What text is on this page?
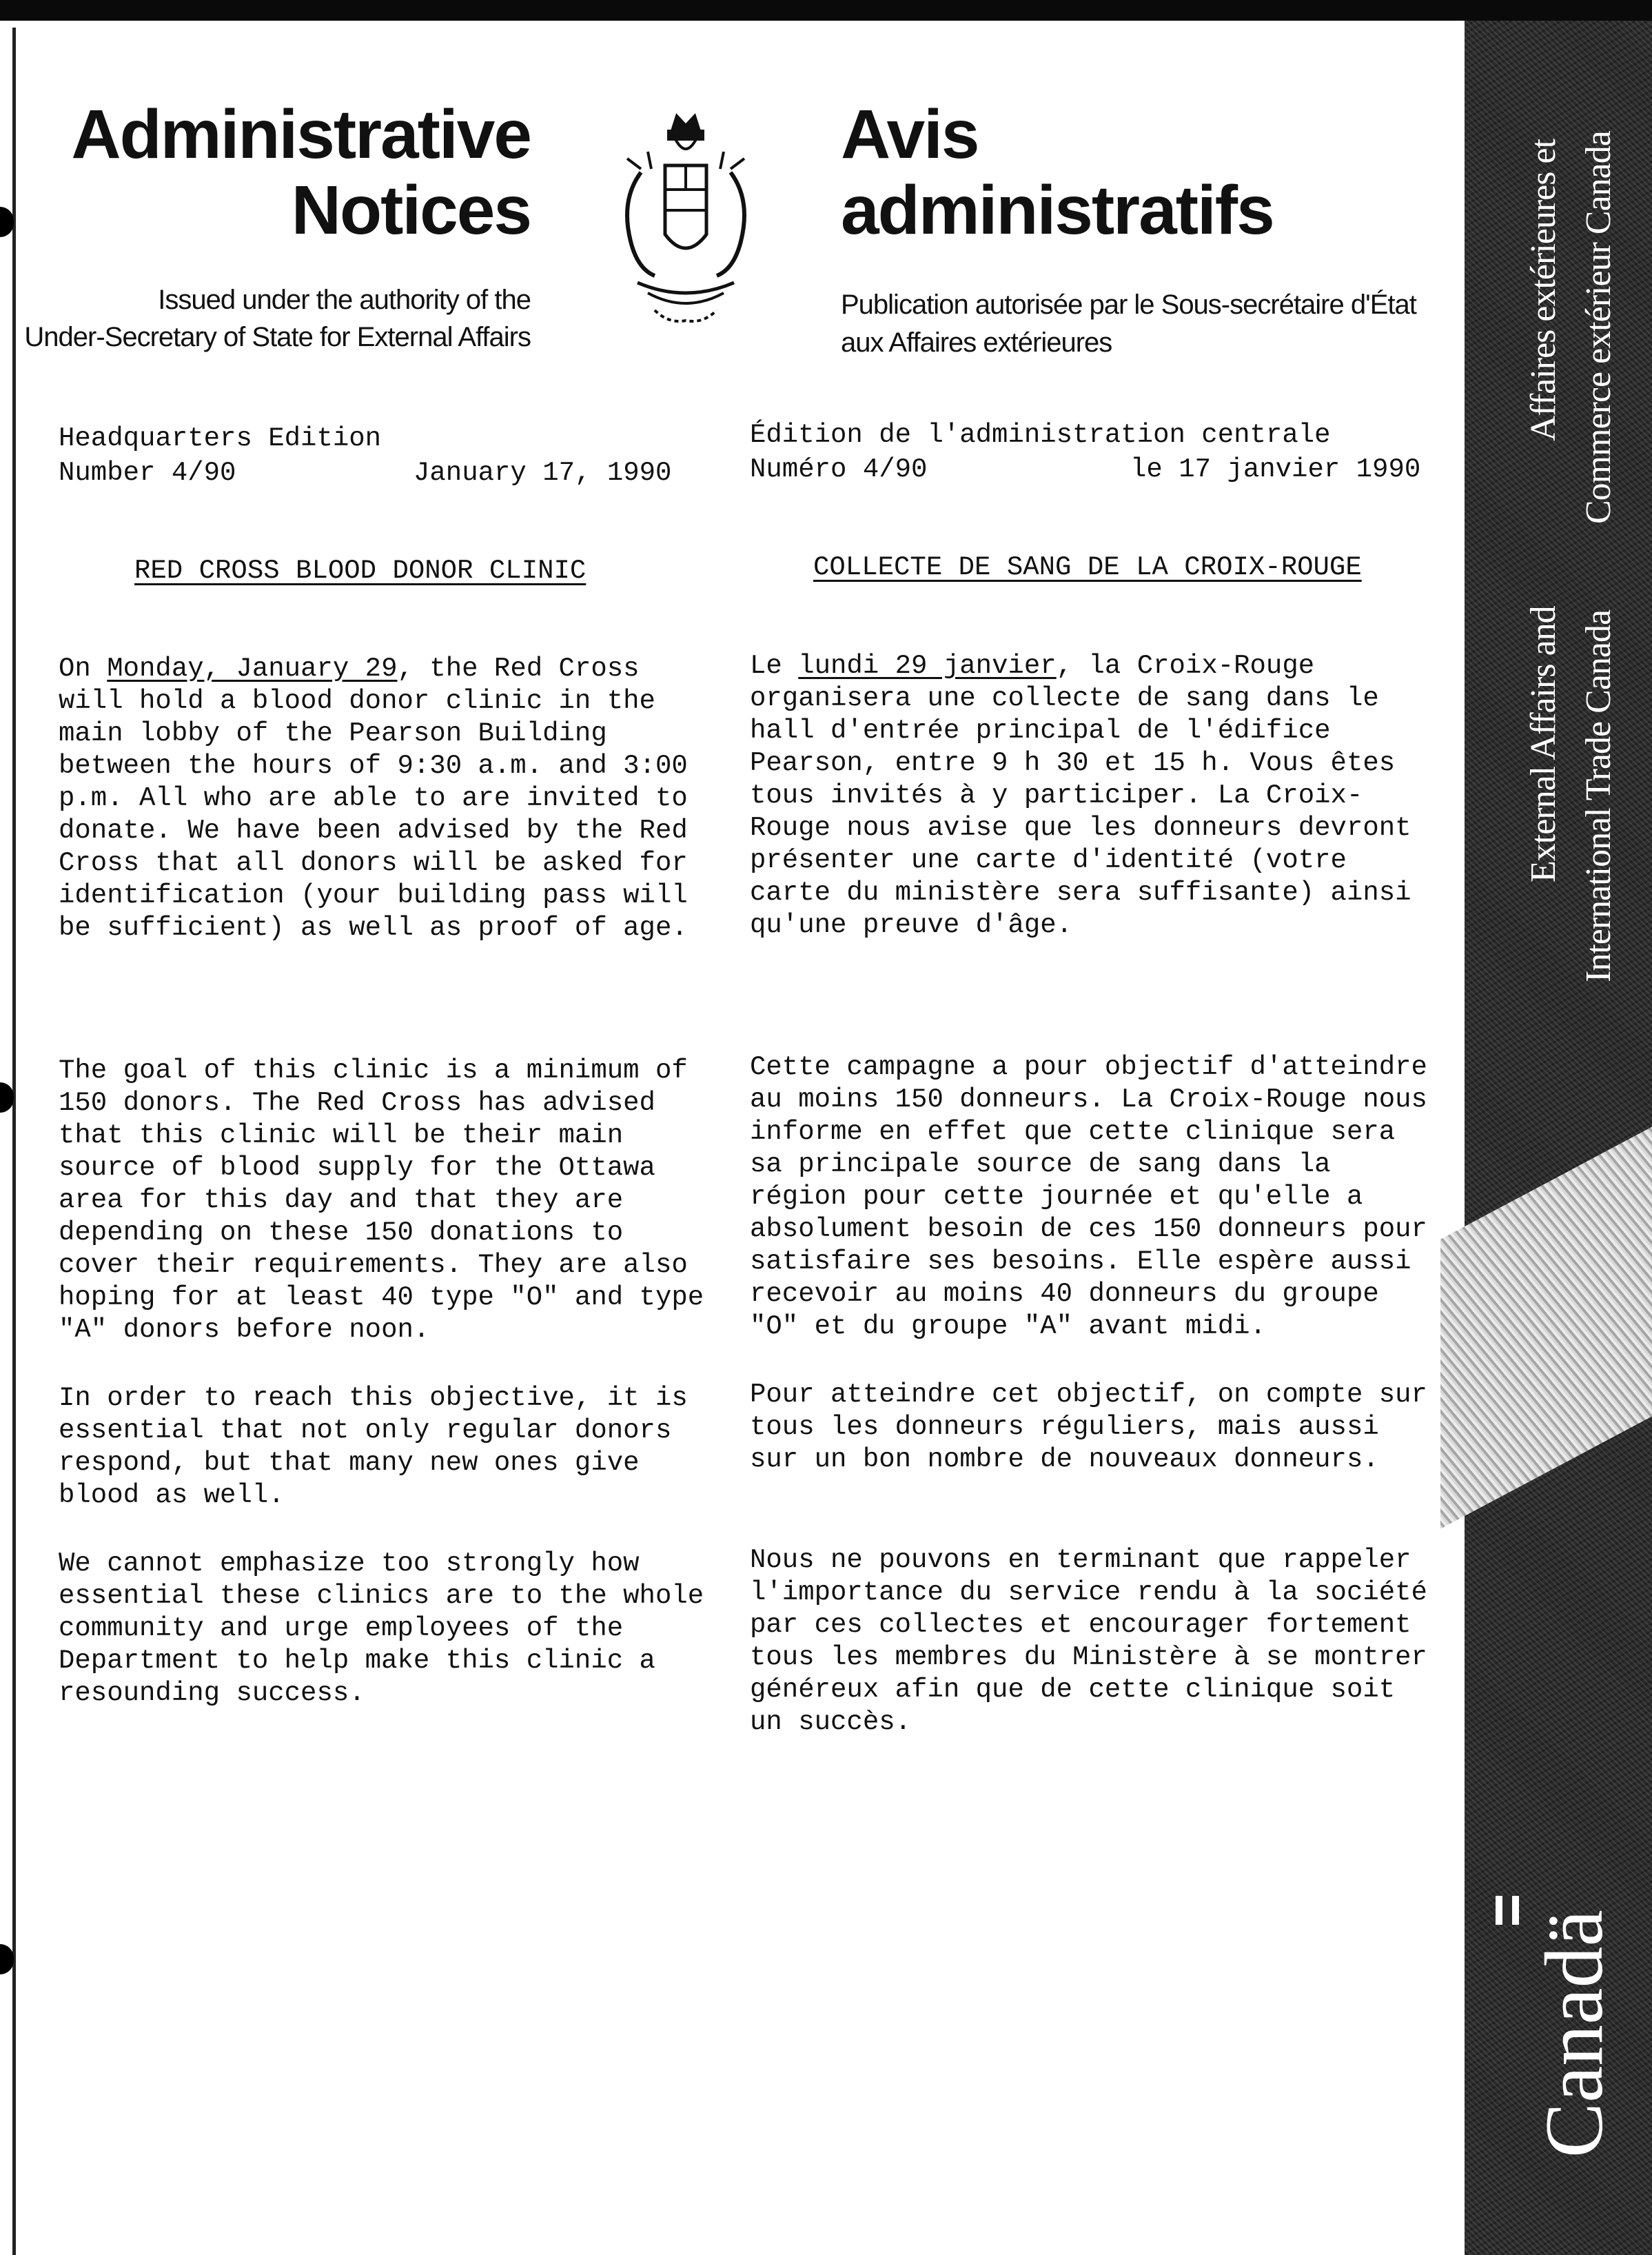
Administrative
Notices
Issued under the authority of the
Under-Secretary of State for External Affairs
Avis
administratifs
Publication autorisée par le Sous-secrétaire d'État
aux Affaires extérieures
Headquarters Edition
Number 4/90	January 17, 1990
Édition de l'administration centrale
Numéro 4/90	le 17 janvier 1990
RED CROSS BLOOD DONOR CLINIC	COLLECTE DE SANG DE LA CROIX-ROUGE

On Monday, January 29, the Red Cross will hold a blood donor clinic in the main lobby of the Pearson Building between the hours of 9:30 a.m. and 3:00 p.m. All who are able to are invited to donate. We have been advised by the Red Cross that all donors will be asked for identification (your building pass will be sufficient) as well as proof of age.

The goal of this clinic is a minimum of 150 donors. The Red Cross has advised that this clinic will be their main source of blood supply for the Ottawa area for this day and that they are depending on these 150 donations to cover their requirements. They are also hoping for at least 40 type "O" and type "A" donors before noon.

In order to reach this objective, it is essential that not only regular donors respond, but that many new ones give blood as well.

We cannot emphasize too strongly how essential these clinics are to the whole community and urge employees of the Department to help make this clinic a resounding success.

Le lundi 29 janvier, la Croix-Rouge organisera une collecte de sang dans le hall d'entrée principal de l'édifice Pearson, entre 9 h 30 et 15 h. Vous êtes tous invités à y participer. La Croix-Rouge nous avise que les donneurs devront présenter une carte d'identité (votre carte du ministère sera suffisante) ainsi qu'une preuve d'âge.

Cette campagne a pour objectif d'atteindre au moins 150 donneurs. La Croix-Rouge nous informe en effet que cette clinique sera sa principale source de sang dans la région pour cette journée et qu'elle a absolument besoin de ces 150 donneurs pour satisfaire ses besoins. Elle espère aussi recevoir au moins 40 donneurs du groupe "O" et du groupe "A" avant midi.

Pour atteindre cet objectif, on compte sur tous les donneurs réguliers, mais aussi sur un bon nombre de nouveaux donneurs.

Nous ne pouvons en terminant que rappeler l'importance du service rendu à la société par ces collectes et encourager fortement tous les membres du Ministère à se montrer généreux afin que de cette clinique soit un succès.

Affaires extérieures et Commerce extérieur Canada
External Affairs and International Trade Canada
Canadä
